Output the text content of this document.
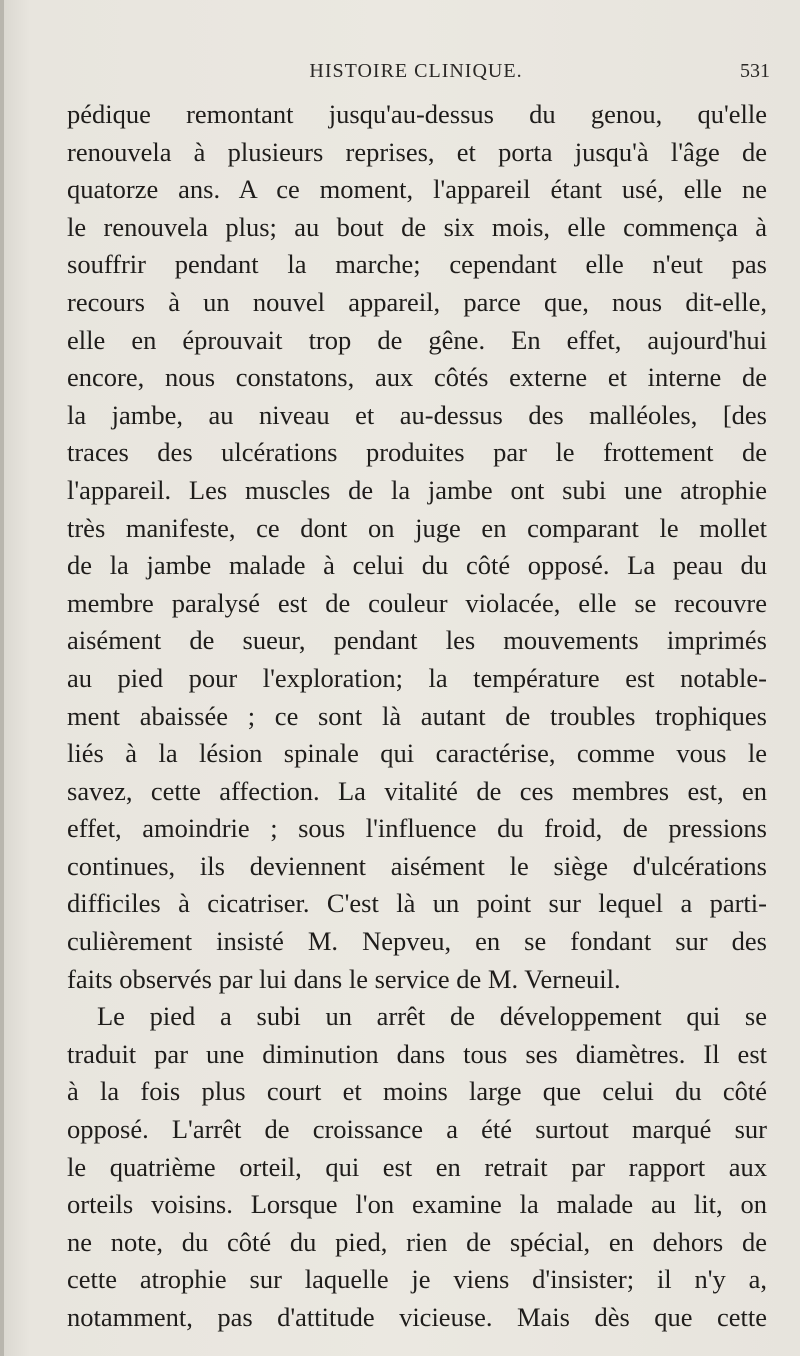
HISTOIRE CLINIQUE.	531
pédique remontant jusqu'au-dessus du genou, qu'elle
renouvela à plusieurs reprises, et porta jusqu'à l'âge de
quatorze ans. A ce moment, l'appareil étant usé, elle ne
le renouvela plus; au bout de six mois, elle commença à
souffrir pendant la marche; cependant elle n'eut pas
recours à un nouvel appareil, parce que, nous dit-elle,
elle en éprouvait trop de gêne. En effet, aujourd'hui
encore, nous constatons, aux côtés externe et interne de
la jambe, au niveau et au-dessus des malléoles, [des
traces des ulcérations produites par le frottement de
l'appareil. Les muscles de la jambe ont subi une atrophie
très manifeste, ce dont on juge en comparant le mollet
de la jambe malade à celui du côté opposé. La peau du
membre paralysé est de couleur violacée, elle se recouvre
aisément de sueur, pendant les mouvements imprimés
au pied pour l'exploration; la température est notable-
ment abaissée ; ce sont là autant de troubles trophiques
liés à la lésion spinale qui caractérise, comme vous le
savez, cette affection. La vitalité de ces membres est, en
effet, amoindrie ; sous l'influence du froid, de pressions
continues, ils deviennent aisément le siège d'ulcérations
difficiles à cicatriser. C'est là un point sur lequel a parti-
culièrement insisté M. Nepveu, en se fondant sur des
faits observés par lui dans le service de M. Verneuil.
Le pied a subi un arrêt de développement qui se
traduit par une diminution dans tous ses diamètres. Il est
à la fois plus court et moins large que celui du côté
opposé. L'arrêt de croissance a été surtout marqué sur
le quatrième orteil, qui est en retrait par rapport aux
orteils voisins. Lorsque l'on examine la malade au lit, on
ne note, du côté du pied, rien de spécial, en dehors de
cette atrophie sur laquelle je viens d'insister; il n'y a,
notamment, pas d'attitude vicieuse. Mais dès que cette
